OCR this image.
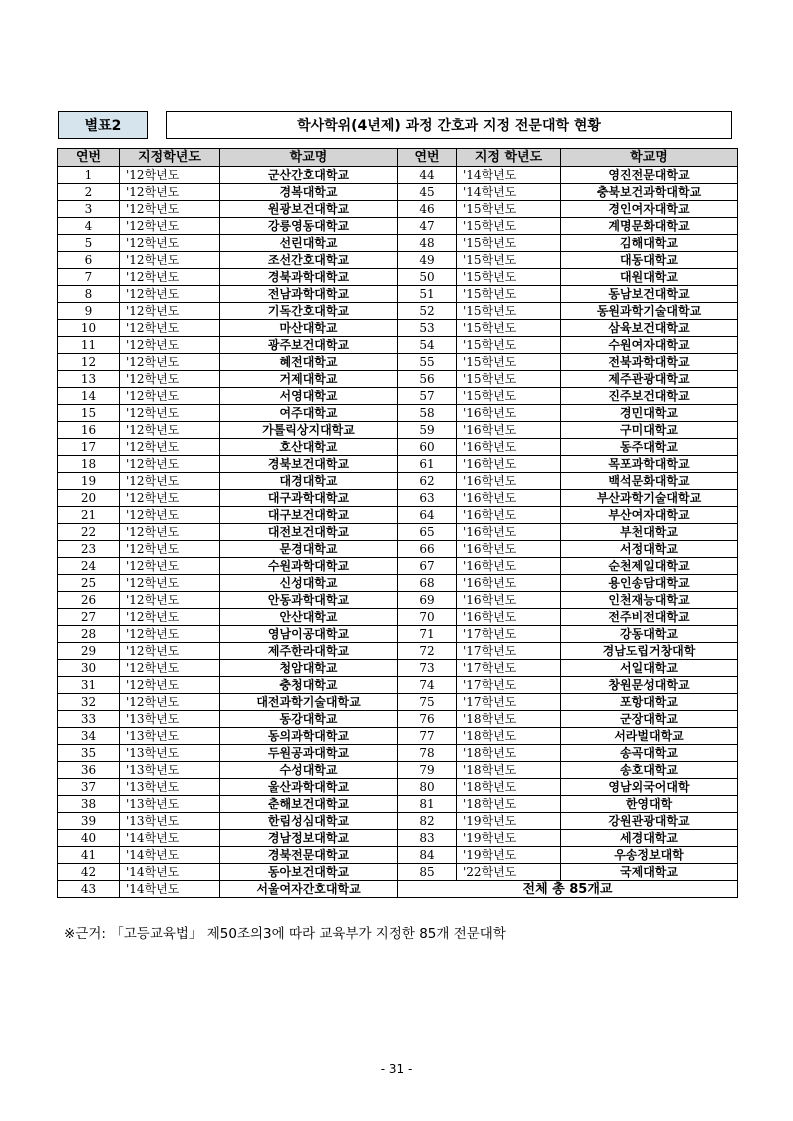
별표2	학사학위(4년제) 과정 간호과 지정 전문대학 현황
연번	지정학년도	학교명	연번	지정 학년도	학교명
1	'12학년도	군산간호대학교	44	'14학년도	영진전문대학교
2	'12학년도	경복대학교	45	'14학년도	충북보건과학대학교
3	'12학년도	원광보건대학교	46	'15학년도	경인여자대학교
4	'12학년도	강릉영동대학교	47	'15학년도	계명문화대학교
5	'12학년도	선린대학교	48	'15학년도	김해대학교
6	'12학년도	조선간호대학교	49	'15학년도	대동대학교
7	'12학년도	경북과학대학교	50	'15학년도	대원대학교
8	'12학년도	전남과학대학교	51	'15학년도	동남보건대학교
9	'12학년도	기독간호대학교	52	'15학년도	동원과학기술대학교
10	'12학년도	마산대학교	53	'15학년도	삼육보건대학교
11	'12학년도	광주보건대학교	54	'15학년도	수원여자대학교
12	'12학년도	혜전대학교	55	'15학년도	전북과학대학교
13	'12학년도	거제대학교	56	'15학년도	제주관광대학교
14	'12학년도	서영대학교	57	'15학년도	진주보건대학교
15	'12학년도	여주대학교	58	'16학년도	경민대학교
16	'12학년도	가톨릭상지대학교	59	'16학년도	구미대학교
17	'12학년도	호산대학교	60	'16학년도	동주대학교
18	'12학년도	경북보건대학교	61	'16학년도	목포과학대학교
19	'12학년도	대경대학교	62	'16학년도	백석문화대학교
20	'12학년도	대구과학대학교	63	'16학년도	부산과학기술대학교
21	'12학년도	대구보건대학교	64	'16학년도	부산여자대학교
22	'12학년도	대전보건대학교	65	'16학년도	부천대학교
23	'12학년도	문경대학교	66	'16학년도	서정대학교
24	'12학년도	수원과학대학교	67	'16학년도	순천제일대학교
25	'12학년도	신성대학교	68	'16학년도	용인송담대학교
26	'12학년도	안동과학대학교	69	'16학년도	인천재능대학교
27	'12학년도	안산대학교	70	'16학년도	전주비전대학교
28	'12학년도	영남이공대학교	71	'17학년도	강동대학교
29	'12학년도	제주한라대학교	72	'17학년도	경남도립거창대학
30	'12학년도	청암대학교	73	'17학년도	서일대학교
31	'12학년도	충청대학교	74	'17학년도	창원문성대학교
32	'12학년도	대전과학기술대학교	75	'17학년도	포항대학교
33	'13학년도	동강대학교	76	'18학년도	군장대학교
34	'13학년도	동의과학대학교	77	'18학년도	서라벌대학교
35	'13학년도	두원공과대학교	78	'18학년도	송곡대학교
36	'13학년도	수성대학교	79	'18학년도	송호대학교
37	'13학년도	울산과학대학교	80	'18학년도	영남외국어대학
38	'13학년도	춘해보건대학교	81	'18학년도	한영대학
39	'13학년도	한림성심대학교	82	'19학년도	강원관광대학교
40	'14학년도	경남정보대학교	83	'19학년도	세경대학교
41	'14학년도	경북전문대학교	84	'19학년도	우송정보대학
42	'14학년도	동아보건대학교	85	'22학년도	국제대학교
43	'14학년도	서울여자간호대학교	전체 총 85개교		
※근거: 「고등교육법」 제50조의3에 따라 교육부가 지정한 85개 전문대학
- 31 -
